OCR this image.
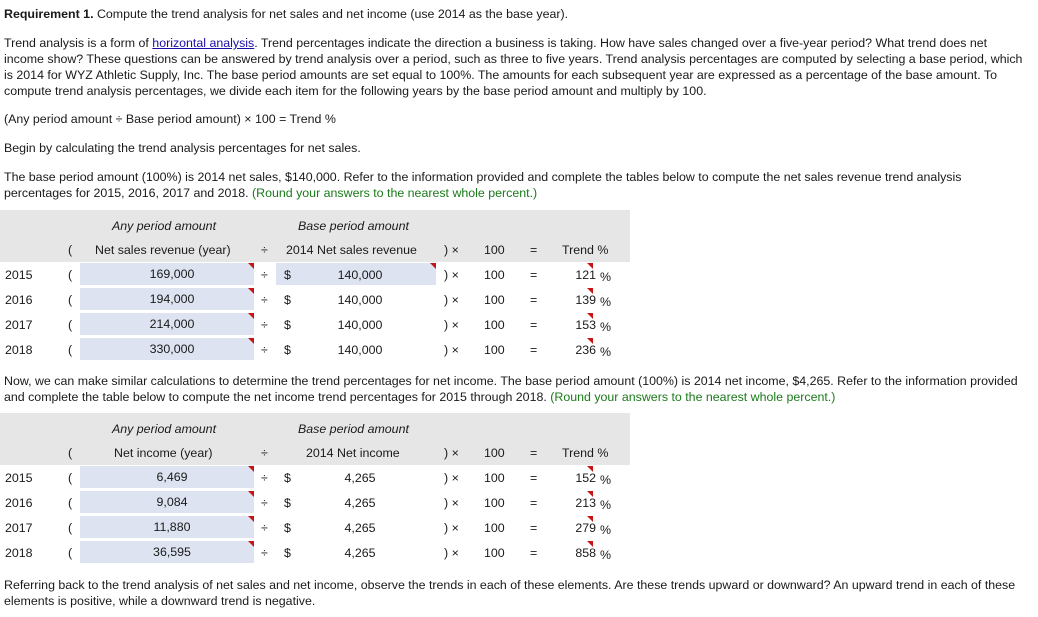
Requirement 1. Compute the trend analysis for net sales and net income (use 2014 as the base year).

Trend analysis is a form of horizontal analysis. Trend percentages indicate the direction a business is taking. How have sales changed over a five-year period? What trend does net income show? These questions can be answered by trend analysis over a period, such as three to five years. Trend analysis percentages are computed by selecting a base period, which is 2014 for WYZ Athletic Supply, Inc. The base period amounts are set equal to 100%. The amounts for each subsequent year are expressed as a percentage of the base amount. To compute trend analysis percentages, we divide each item for the following years by the base period amount and multiply by 100.

(Any period amount ÷ Base period amount) × 100 = Trend %

Begin by calculating the trend analysis percentages for net sales.

The base period amount (100%) is 2014 net sales, $140,000. Refer to the information provided and complete the tables below to compute the net sales revenue trend analysis percentages for 2015, 2016, 2017 and 2018. (Round your answers to the nearest whole percent.)

Any period amount	Base period amount
( Net sales revenue (year) ÷ 2014 Net sales revenue ) × 100 = Trend %
2015	(	169,000	÷ $	140,000	) × 100 =	121 %
2016	(	194,000	÷ $	140,000	) × 100 =	139 %
2017	(	214,000	÷ $	140,000	) × 100 =	153 %
2018	(	330,000	÷ $	140,000	) × 100 =	236 %

Now, we can make similar calculations to determine the trend percentages for net income. The base period amount (100%) is 2014 net income, $4,265. Refer to the information provided and complete the table below to compute the net income trend percentages for 2015 through 2018. (Round your answers to the nearest whole percent.)

Any period amount	Base period amount
(	Net income (year)	÷	2014 Net income	) × 100 = Trend %
2015	(	6,469	÷ $	4,265	) × 100 =	152 %
2016	(	9,084	÷ $	4,265	) × 100 =	213 %
2017	(	11,880	÷ $	4,265	) × 100 =	279 %
2018	(	36,595	÷ $	4,265	) × 100 =	858 %

Referring back to the trend analysis of net sales and net income, observe the trends in each of these elements. Are these trends upward or downward? An upward trend in each of these elements is positive, while a downward trend is negative.
